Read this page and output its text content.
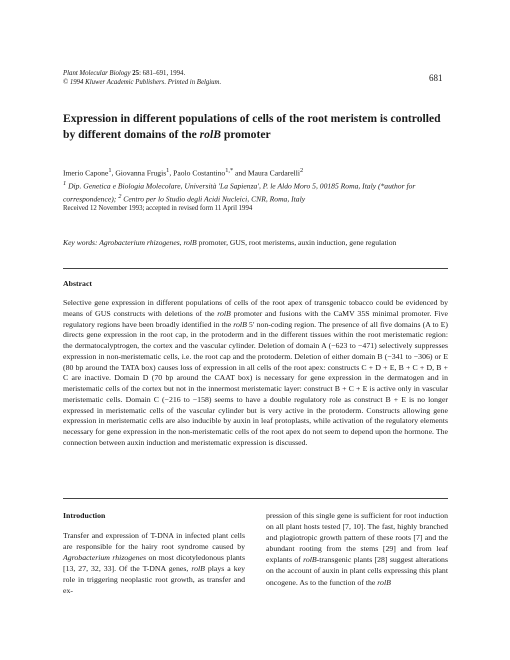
Plant Molecular Biology 25: 681–691, 1994.
© 1994 Kluwer Academic Publishers. Printed in Belgium.	681
Expression in different populations of cells of the root meristem is controlled by different domains of the rolB promoter
Imerio Capone$^1$, Giovanna Frugis$^1$, Paolo Costantino$^{1,*}$ and Maura Cardarelli$^2$
$^1$ Dip. Genetica e Biologia Molecolare, Università 'La Sapienza', P. le Aldo Moro 5, 00185 Roma, Italy (*author for correspondence); $^2$ Centro per lo Studio degli Acidi Nucleici, CNR, Roma, Italy
Received 12 November 1993; accepted in revised form 11 April 1994
Key words: Agrobacterium rhizogenes, rolB promoter, GUS, root meristems, auxin induction, gene regulation
Abstract
Selective gene expression in different populations of cells of the root apex of transgenic tobacco could be evidenced by means of GUS constructs with deletions of the rolB promoter and fusions with the CaMV 35S minimal promoter. Five regulatory regions have been broadly identified in the rolB 5′ non-coding region. The presence of all five domains (A to E) directs gene expression in the root cap, in the protoderm and in the different tissues within the root meristematic region: the dermatocalyptrogen, the cortex and the vascular cylinder. Deletion of domain A (−623 to −471) selectively suppresses expression in non-meristematic cells, i.e. the root cap and the protoderm. Deletion of either domain B (−341 to −306) or E (80 bp around the TATA box) causes loss of expression in all cells of the root apex: constructs C + D + E, B + C + D, B + C are inactive. Domain D (70 bp around the CAAT box) is necessary for gene expression in the dermatogen and in meristematic cells of the cortex but not in the innermost meristematic layer: construct B + C + E is active only in vascular meristematic cells. Domain C (−216 to −158) seems to have a double regulatory role as construct B + E is no longer expressed in meristematic cells of the vascular cylinder but is very active in the protoderm. Constructs allowing gene expression in meristematic cells are also inducible by auxin in leaf protoplasts, while activation of the regulatory elements necessary for gene expression in the non-meristematic cells of the root apex do not seem to depend upon the hormone. The connection between auxin induction and meristematic expression is discussed.
Introduction
Transfer and expression of T-DNA in infected plant cells are responsible for the hairy root syndrome caused by Agrobacterium rhizogenes on most dicotyledonous plants [13, 27, 32, 33]. Of the T-DNA genes, rolB plays a key role in triggering neoplastic root growth, as transfer and ex-
pression of this single gene is sufficient for root induction on all plant hosts tested [7, 10]. The fast, highly branched and plagiotropic growth pattern of these roots [7] and the abundant rooting from the stems [29] and from leaf explants of rolB-transgenic plants [28] suggest alterations on the account of auxin in plant cells expressing this plant oncogene. As to the function of the rolB
